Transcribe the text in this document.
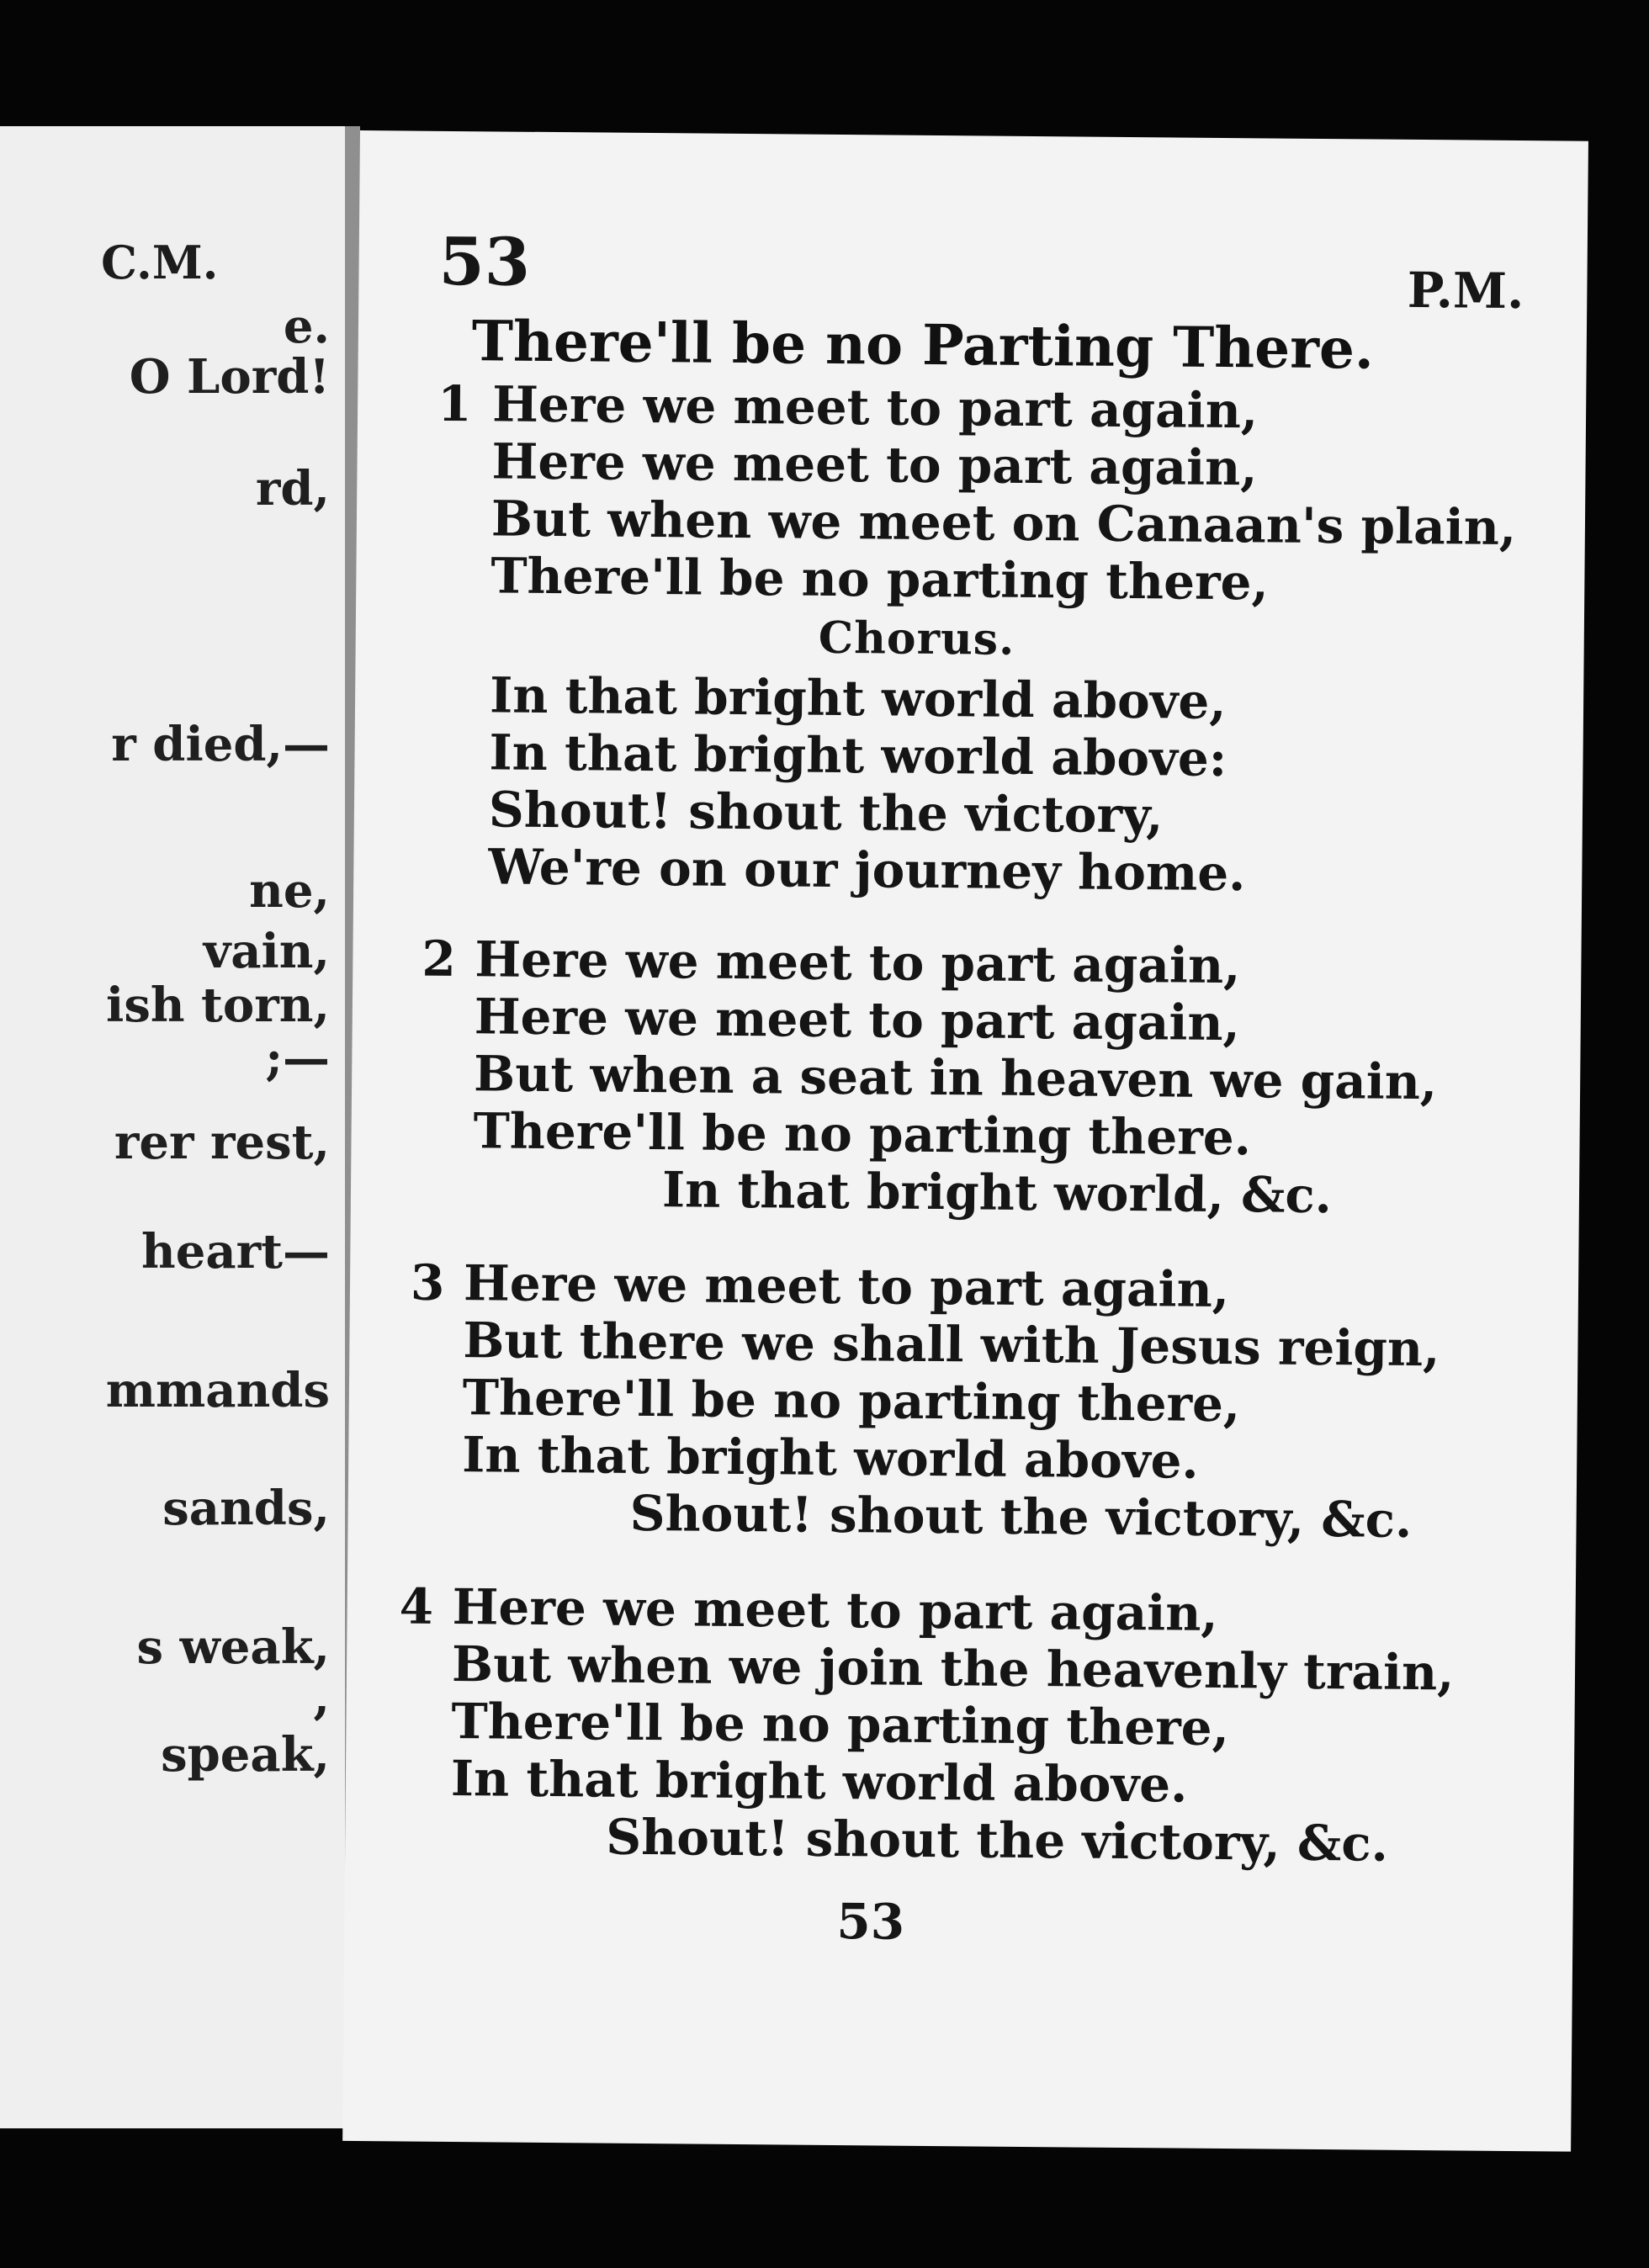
C.M.
e.
O Lord!
rd,
r died,—
ne,
vain,
ish torn,
;—
rer rest,
heart—
mmands
sands,
s weak,
,
speak,
53	P.M.
There'll be no Parting There.
1 Here we meet to part again,
Here we meet to part again,
But when we meet on Canaan's plain,
There'll be no parting there,
Chorus.
In that bright world above,
In that bright world above:
Shout! shout the victory,
We're on our journey home.
2 Here we meet to part again,
Here we meet to part again,
But when a seat in heaven we gain,
There'll be no parting there.
In that bright world, &c.
3 Here we meet to part again,
But there we shall with Jesus reign,
There'll be no parting there,
In that bright world above.
Shout! shout the victory, &c.
4 Here we meet to part again,
But when we join the heavenly train,
There'll be no parting there,
In that bright world above.
Shout! shout the victory, &c.
53
